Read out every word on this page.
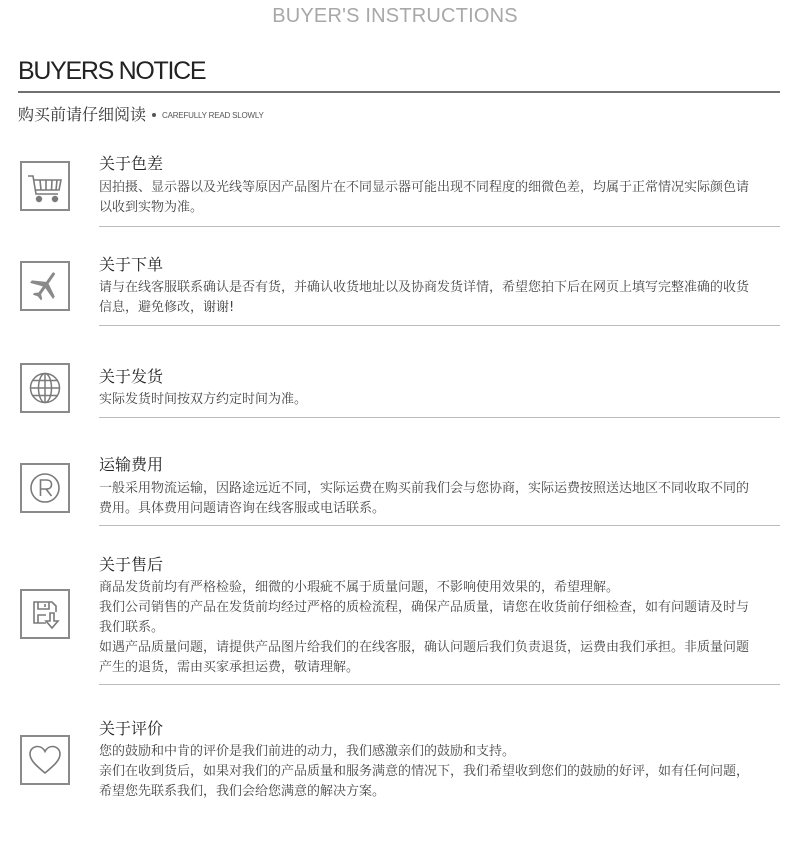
BUYER'S INSTRUCTIONS
BUYERS NOTICE
购买前请仔细阅读 CAREFULLY READ SLOWLY
关于色差

因拍摄、显示器以及光线等原因产品图片在不同显示器可能出现不同程度的细微色差，均属于正常情况实际颜色请以收到实物为准。

关于下单

请与在线客服联系确认是否有货，并确认收货地址以及协商发货详情，希望您拍下后在网页上填写完整准确的收货信息，避免修改，谢谢!

关于发货

实际发货时间按双方约定时间为准。

运输费用

一般采用物流运输，因路途远近不同，实际运费在购买前我们会与您协商，实际运费按照送达地区不同收取不同的费用。具体费用问题请咨询在线客服或电话联系。

关于售后

商品发货前均有严格检验，细微的小瑕疵不属于质量问题，不影响使用效果的，希望理解。

我们公司销售的产品在发货前均经过严格的质检流程，确保产品质量，请您在收货前仔细检查，如有问题请及时与我们联系。

如遇产品质量问题，请提供产品图片给我们的在线客服，确认问题后我们负责退货，运费由我们承担。非质量问题产生的退货，需由买家承担运费，敬请理解。

关于评价

您的鼓励和中肯的评价是我们前进的动力，我们感激亲们的鼓励和支持。

亲们在收到货后，如果对我们的产品质量和服务满意的情况下，我们希望收到您们的鼓励的好评，如有任何问题，希望您先联系我们，我们会给您满意的解决方案。
